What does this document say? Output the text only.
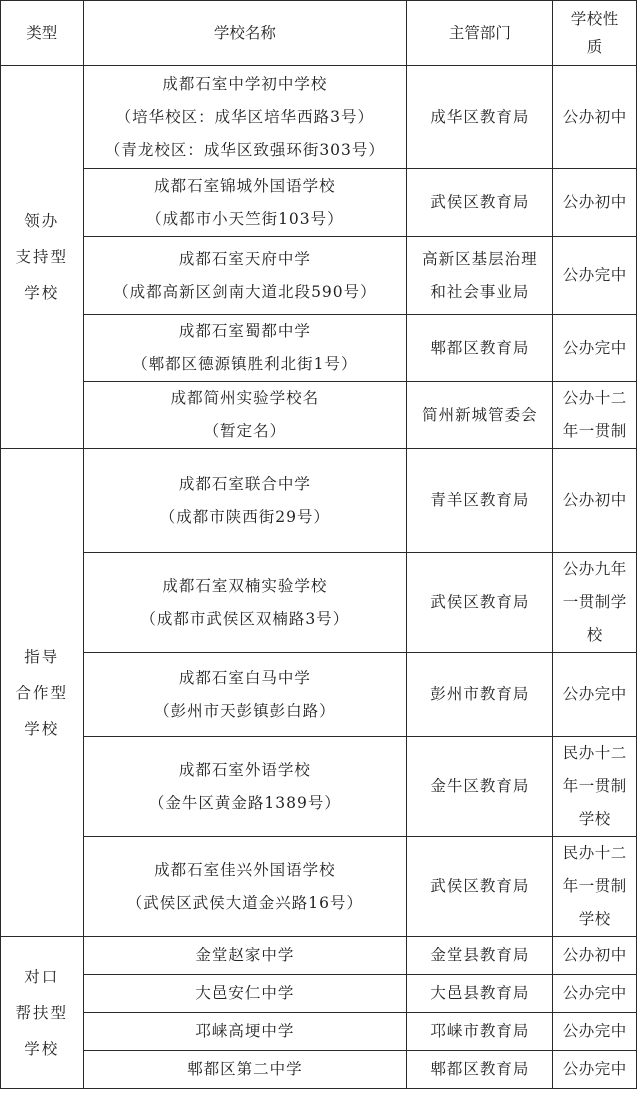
类型	学校名称	主管部门	学校性
质

领办
支持型
学校	成都石室中学初中学校
（培华校区：成华区培华西路3号）
（青龙校区：成华区致强环街303号）	成华区教育局	公办初中

	成都石室锦城外国语学校
（成都市小天竺街103号）	武侯区教育局	公办初中

	成都石室天府中学
（成都高新区剑南大道北段590号）	高新区基层治理
和社会事业局	公办完中

	成都石室蜀都中学
（郫都区德源镇胜利北街1号）	郫都区教育局	公办完中

	成都简州实验学校名
（暂定名）	简州新城管委会	公办十二
年一贯制

指导
合作型
学校	成都石室联合中学
（成都市陕西街29号）	青羊区教育局	公办初中

	成都石室双楠实验学校
（成都市武侯区双楠路3号）	武侯区教育局	公办九年
一贯制学
校

	成都石室白马中学
（彭州市天彭镇彭白路）	彭州市教育局	公办完中

	成都石室外语学校
（金牛区黄金路1389号）	金牛区教育局	民办十二
年一贯制
学校

	成都石室佳兴外国语学校
（武侯区武侯大道金兴路16号）	武侯区教育局	民办十二
年一贯制
学校

对口
帮扶型
学校	金堂赵家中学	金堂县教育局	公办初中

	大邑安仁中学	大邑县教育局	公办完中

	邛崃高埂中学	邛崃市教育局	公办完中

	郫都区第二中学	郫都区教育局	公办完中
